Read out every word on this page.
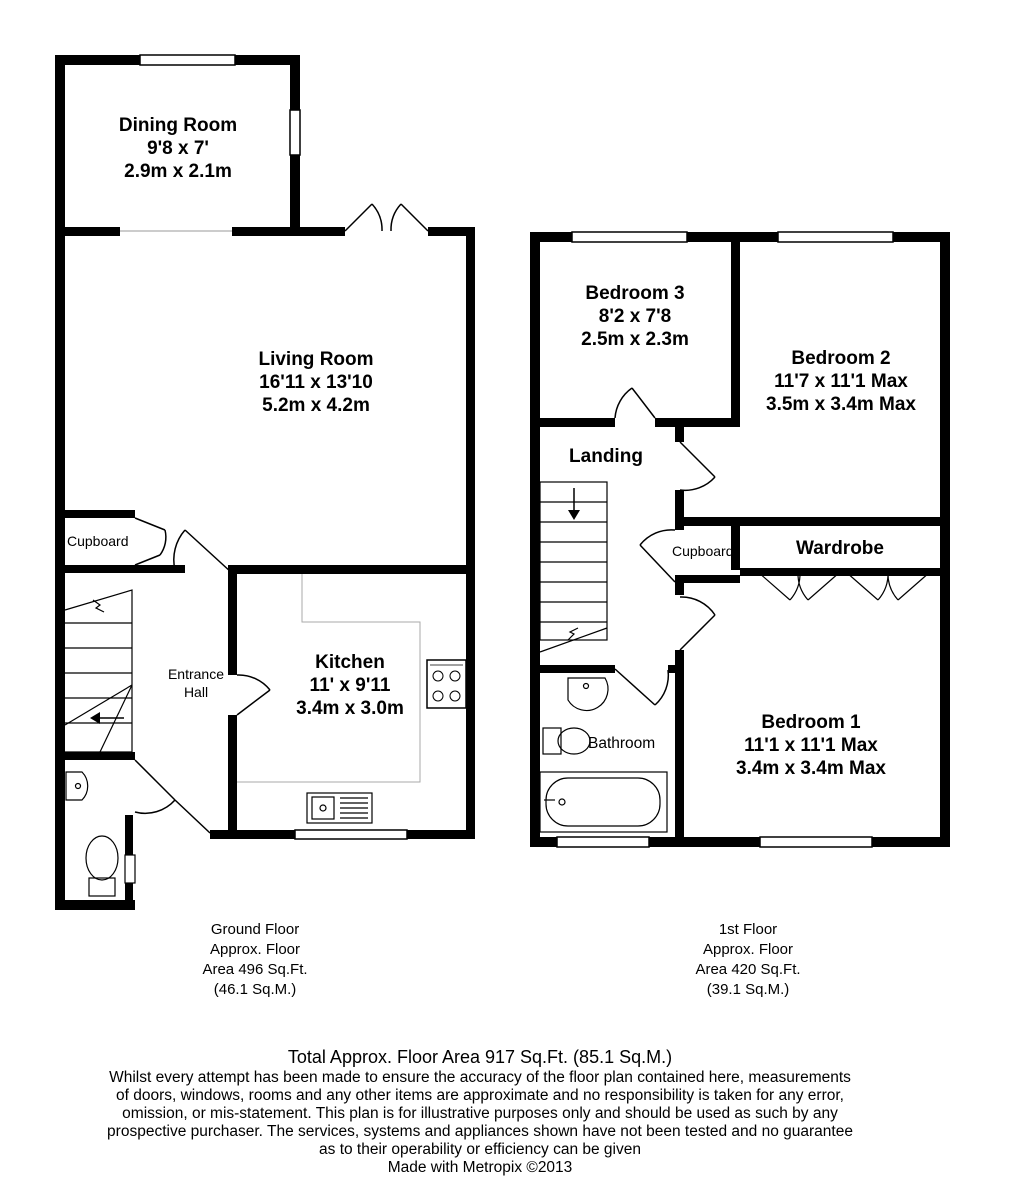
Dining Room
9'8 x 7'
2.9m x 2.1m
Living Room
16'11 x 13'10
5.2m x 4.2m
Kitchen
11' x 9'11
3.4m x 3.0m
Cupboard
Entrance
Hall
Bedroom 3
8'2 x 7'8
2.5m x 2.3m
Bedroom 2
11'7 x 11'1 Max
3.5m x 3.4m Max
Landing
Cupboard	Wardrobe
Bedroom 1
11'1 x 11'1 Max
3.4m x 3.4m Max
Bathroom
Ground Floor
Approx. Floor
Area 496 Sq.Ft.
(46.1 Sq.M.)
1st Floor
Approx. Floor
Area 420 Sq.Ft.
(39.1 Sq.M.)
Total Approx. Floor Area 917 Sq.Ft. (85.1 Sq.M.)
Whilst every attempt has been made to ensure the accuracy of the floor plan contained here, measurements
of doors, windows, rooms and any other items are approximate and no responsibility is taken for any error,
omission, or mis-statement. This plan is for illustrative purposes only and should be used as such by any
prospective purchaser. The services, systems and appliances shown have not been tested and no guarantee
as to their operability or efficiency can be given
Made with Metropix ©2013
